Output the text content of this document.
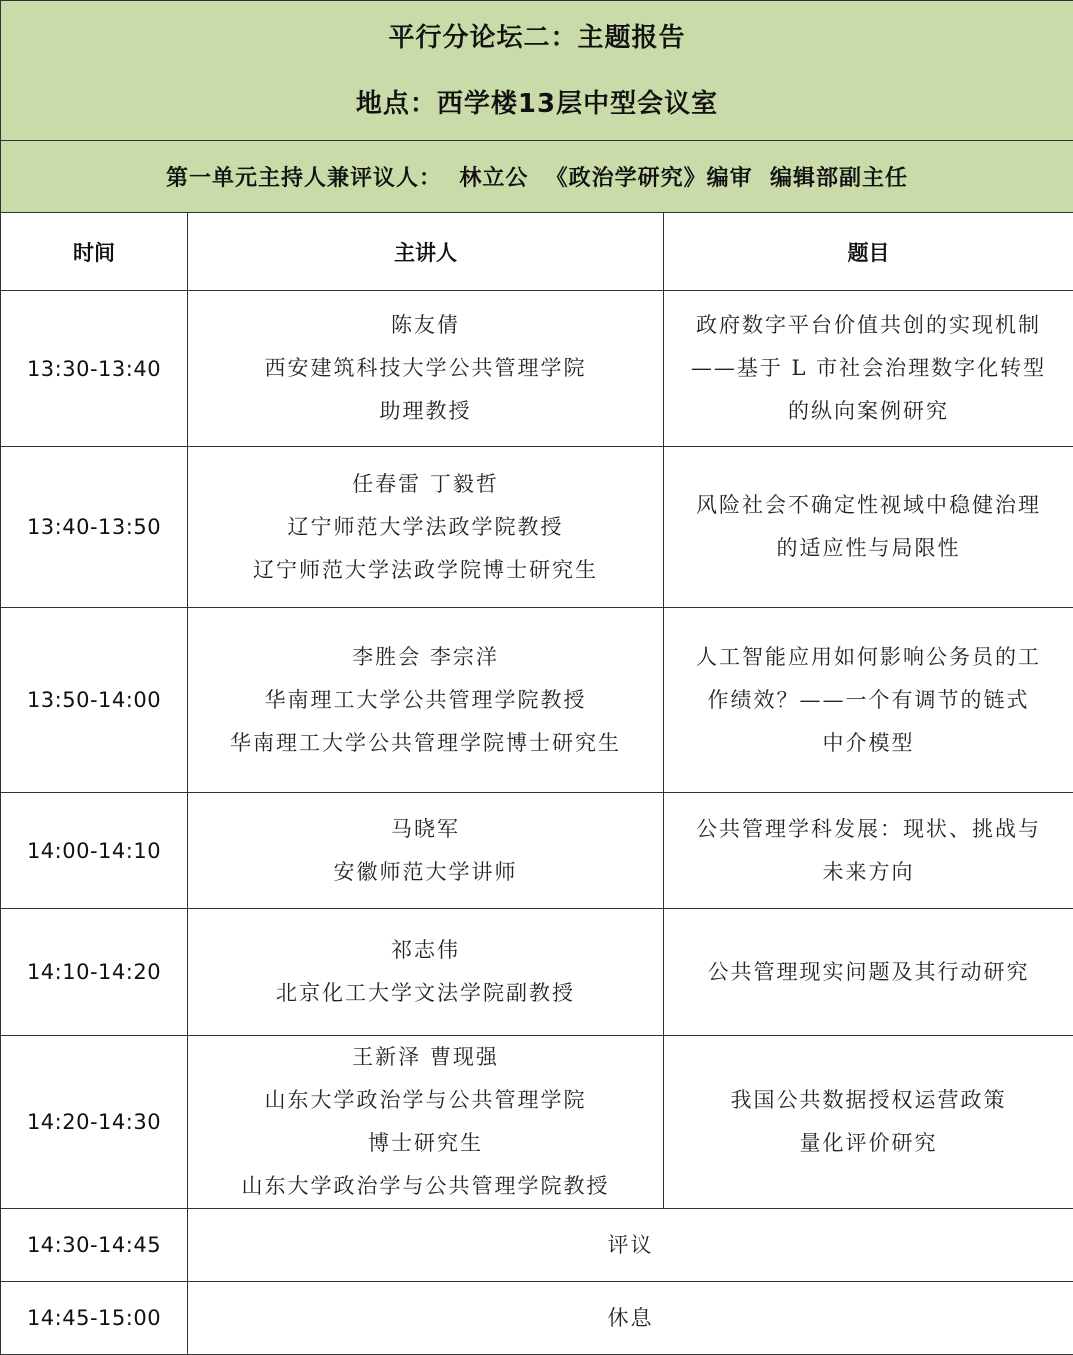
平行分论坛二：主题报告
地点：西学楼13层中型会议室		

第一单元主持人兼评议人：  林立公  《政治学研究》编审  编辑部副主任		
时间	主讲人	题目
13:30-13:40	陈友倩
西安建筑科技大学公共管理学院
助理教授	政府数字平台价值共创的实现机制
——基于 L 市社会治理数字化转型
的纵向案例研究

13:40-13:50	任春雷 丁毅哲
辽宁师范大学法政学院教授
辽宁师范大学法政学院博士研究生	风险社会不确定性视域中稳健治理
的适应性与局限性

13:50-14:00	李胜会 李宗洋
华南理工大学公共管理学院教授
华南理工大学公共管理学院博士研究生	人工智能应用如何影响公务员的工
作绩效？——一个有调节的链式
中介模型

14:00-14:10	马晓军
安徽师范大学讲师	公共管理学科发展：现状、挑战与
未来方向

14:10-14:20	祁志伟
北京化工大学文法学院副教授	公共管理现实问题及其行动研究

14:20-14:30	王新泽 曹现强
山东大学政治学与公共管理学院
博士研究生
山东大学政治学与公共管理学院教授	我国公共数据授权运营政策
量化评价研究

14:30-14:45	评议	
14:45-15:00	休息	
